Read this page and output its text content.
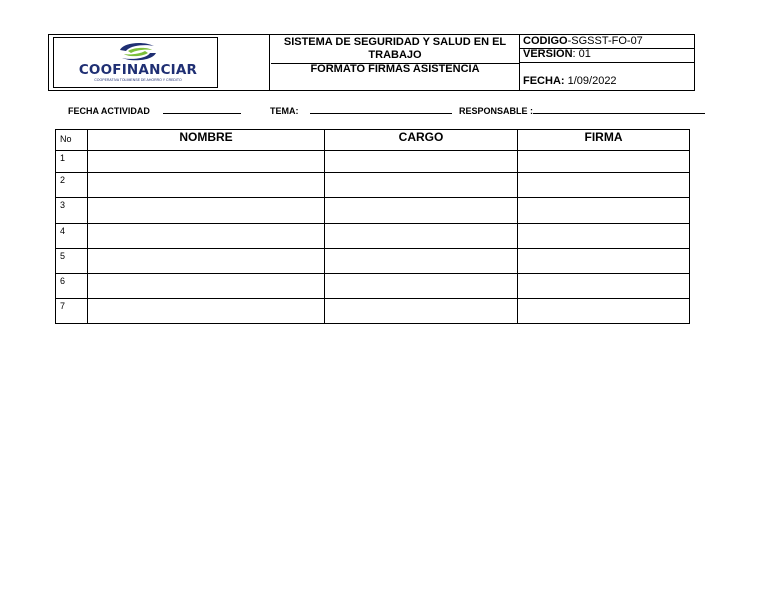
COOFINANCIAR
COOPERATIVA TOLIMENSE DE AHORRO Y CREDITO
SISTEMA DE SEGURIDAD Y SALUD EN EL
TRABAJO
FORMATO FIRMAS ASISTENCIA
CODIGO-SGSST-FO-07
VERSION: 01
FECHA: 1/09/2022
FECHA ACTIVIDAD	TEMA:	RESPONSABLE :
No	NOMBRE	CARGO	FIRMA
1			
2			
3			
4			
5			
6			
7			
